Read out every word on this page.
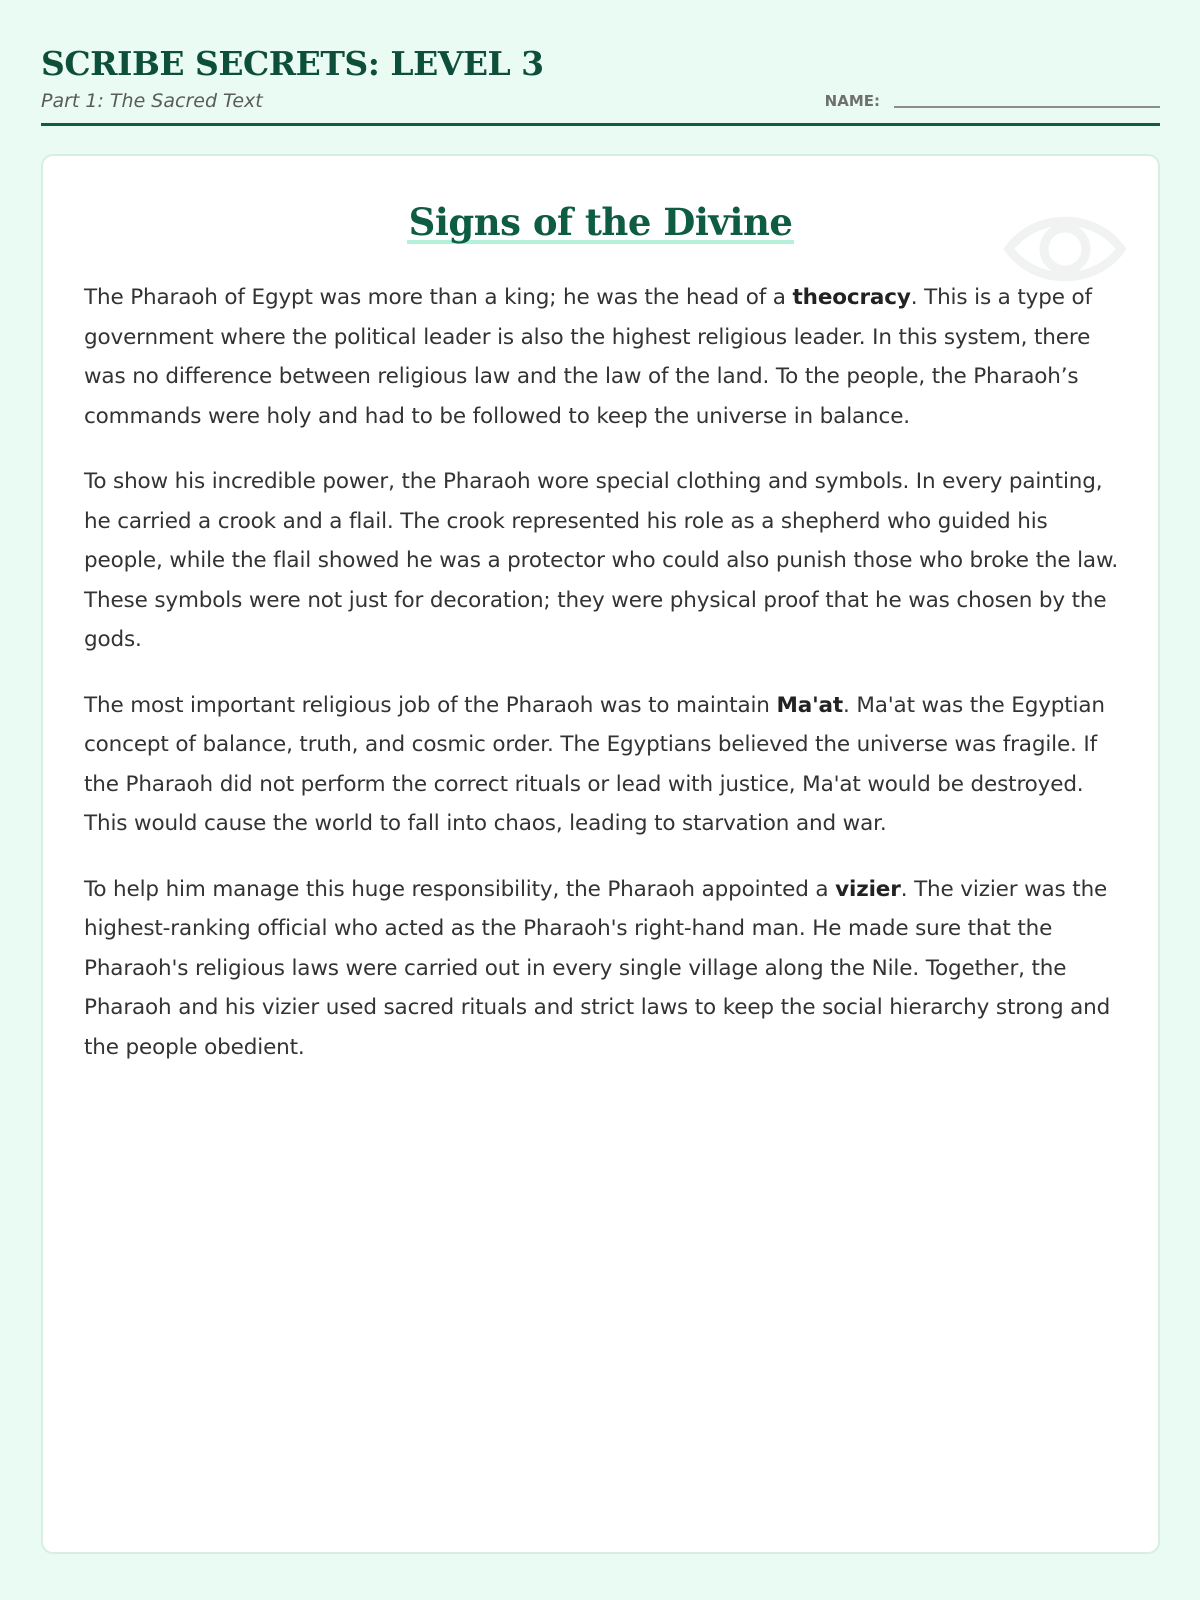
SCRIBE SECRETS: LEVEL 3
Part 1: The Sacred Text	NAME:
Signs of the Divine

The Pharaoh of Egypt was more than a king; he was the head of a theocracy. This is a type of government where the political leader is also the highest religious leader. In this system, there was no difference between religious law and the law of the land. To the people, the Pharaoh’s commands were holy and had to be followed to keep the universe in balance.

To show his incredible power, the Pharaoh wore special clothing and symbols. In every painting, he carried a crook and a flail. The crook represented his role as a shepherd who guided his people, while the flail showed he was a protector who could also punish those who broke the law. These symbols were not just for decoration; they were physical proof that he was chosen by the gods.

The most important religious job of the Pharaoh was to maintain Ma'at. Ma'at was the Egyptian concept of balance, truth, and cosmic order. The Egyptians believed the universe was fragile. If the Pharaoh did not perform the correct rituals or lead with justice, Ma'at would be destroyed. This would cause the world to fall into chaos, leading to starvation and war.

To help him manage this huge responsibility, the Pharaoh appointed a vizier. The vizier was the highest-ranking official who acted as the Pharaoh's right-hand man. He made sure that the Pharaoh's religious laws were carried out in every single village along the Nile. Together, the Pharaoh and his vizier used sacred rituals and strict laws to keep the social hierarchy strong and the people obedient.
